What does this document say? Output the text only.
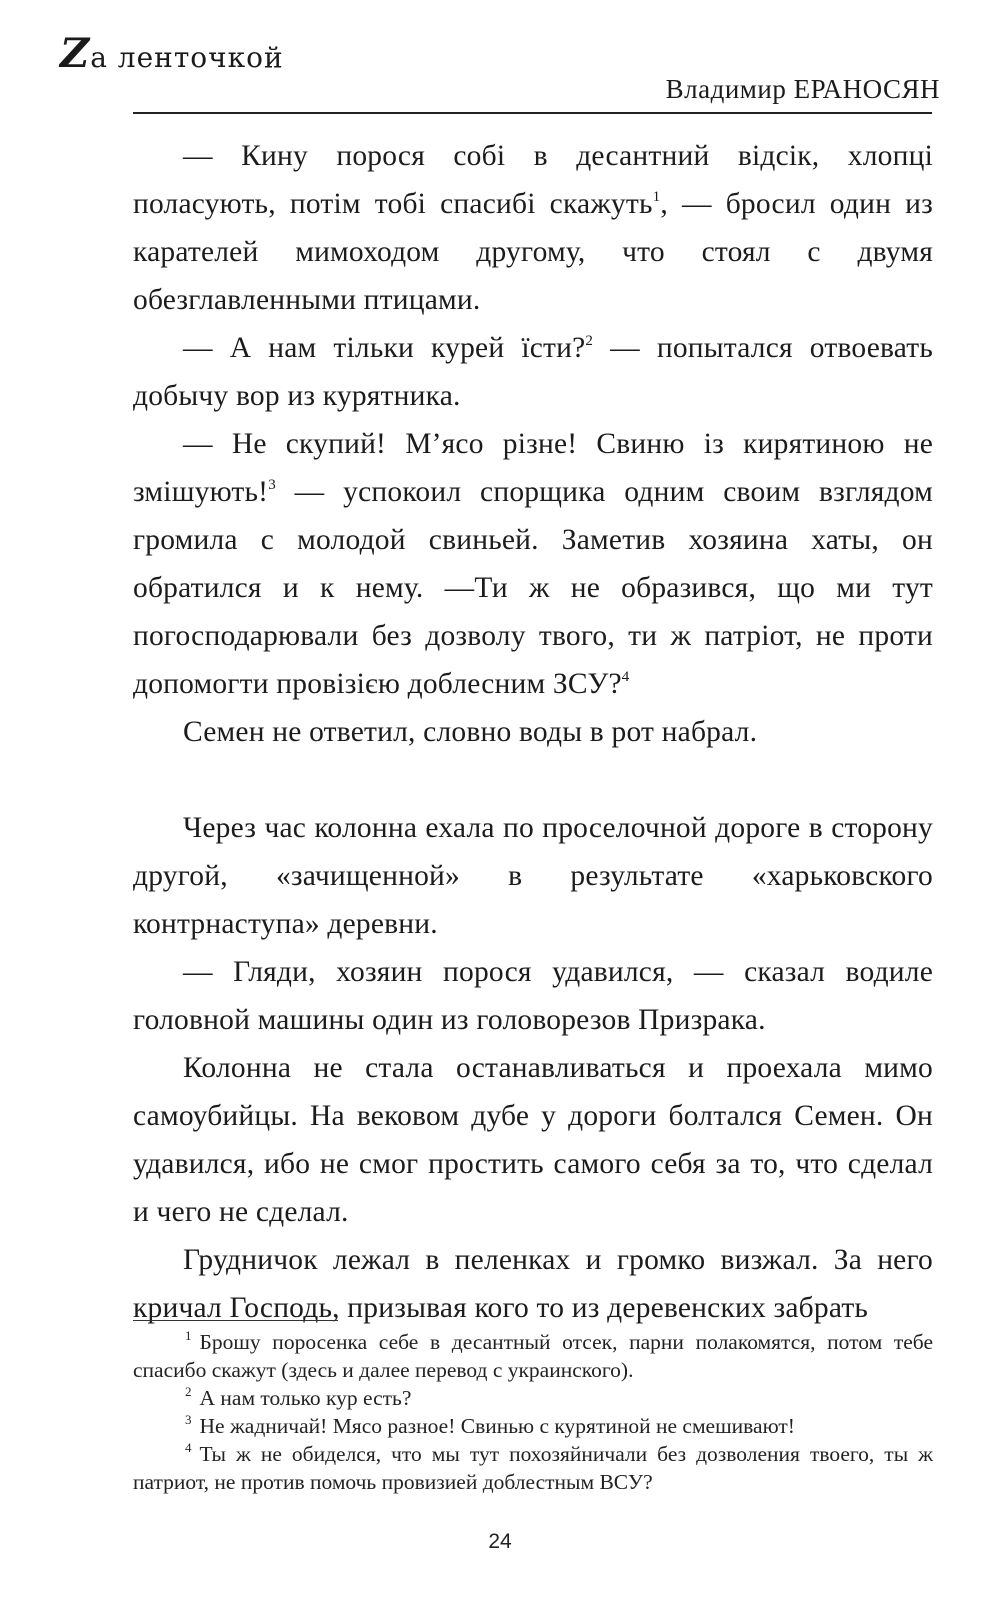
Zа ленточкой
Владимир ЕРАНОСЯН

— Кину порося собі в десантний відсік, хлопці поласують, потім тобі спасибі скажуть$^1$, — бросил один из карателей мимоходом другому, что стоял с двумя обезглавленными птицами.

— А нам тільки курей їсти?$^2$ — попытался отвоевать добычу вор из курятника.

— Не скупий! М’ясо різне! Свиню із кирятиною не змішують!$^3$ — успокоил спорщика одним своим взглядом громила с молодой свиньей. Заметив хозяина хаты, он обратился и к нему. —Ти ж не образився, що ми тут погосподарювали без дозволу твого, ти ж патріот, не проти допомогти провізією доблесним ЗСУ?$^4$

Семен не ответил, словно воды в рот набрал.

Через час колонна ехала по проселочной дороге в сторону другой, «зачищенной» в результате «харьковского контрнаступа» деревни.

— Гляди, хозяин порося удавился, — сказал водиле головной машины один из головорезов Призрака.

Колонна не стала останавливаться и проехала мимо самоубийцы. На вековом дубе у дороги болтался Семен. Он удавился, ибо не смог простить самого себя за то, что сделал и чего не сделал.

Грудничок лежал в пеленках и громко визжал. За него кричал Господь, призывая кого то из деревенских забрать

$^1$ Брошу поросенка себе в десантный отсек, парни полакомятся, потом тебе спасибо скажут (здесь и далее перевод с украинского).

$^2$ А нам только кур есть?

$^3$ Не жадничай! Мясо разное! Свинью с курятиной не смешивают!

$^4$ Ты ж не обиделся, что мы тут похозяйничали без дозволения твоего, ты ж патриот, не против помочь провизией доблестным ВСУ?

24
